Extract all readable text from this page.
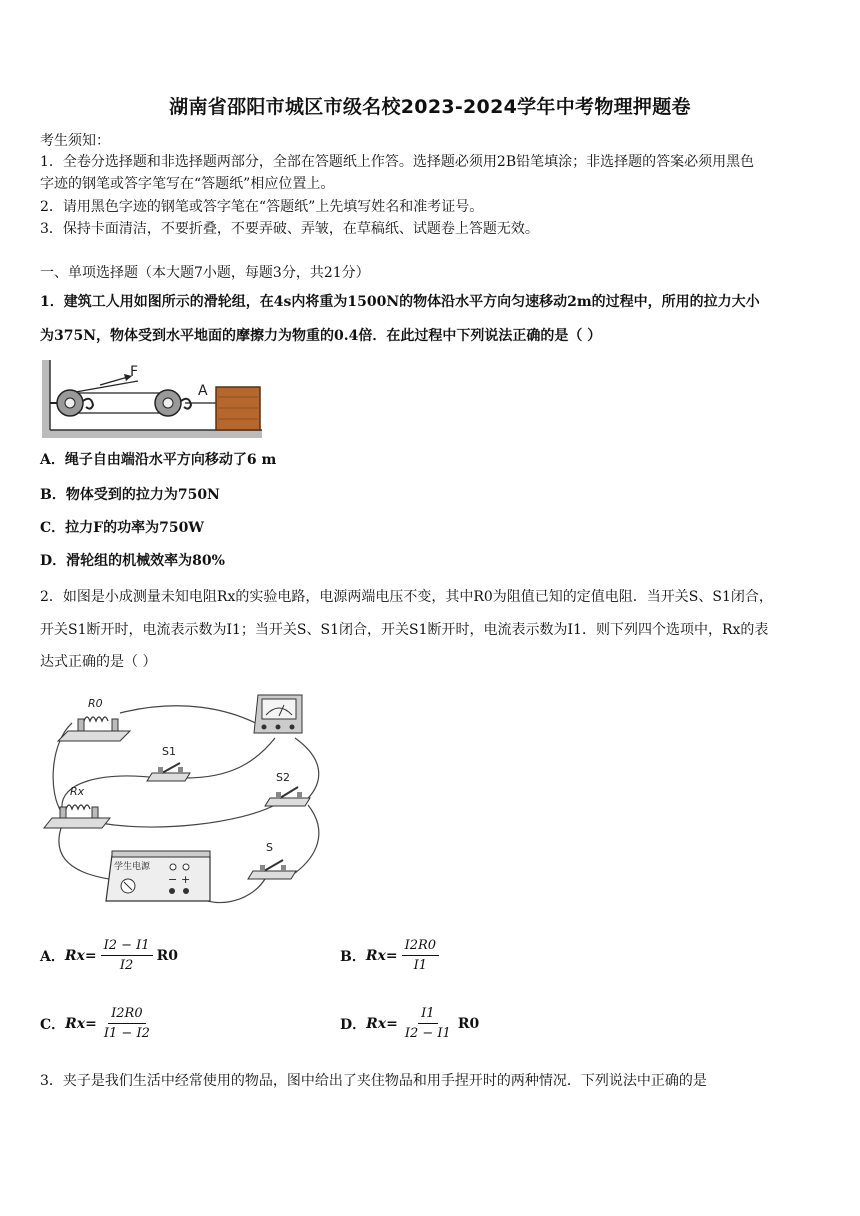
湖南省邵阳市城区市级名校2023-2024学年中考物理押题卷
考生须知：
1．全卷分选择题和非选择题两部分，全部在答题纸上作答。选择题必须用2B铅笔填涂；非选择题的答案必须用黑色
字迹的钢笔或答字笔写在“答题纸”相应位置上。
2．请用黑色字迹的钢笔或答字笔在“答题纸”上先填写姓名和准考证号。
3．保持卡面清洁，不要折叠，不要弄破、弄皱，在草稿纸、试题卷上答题无效。
一、单项选择题（本大题7小题，每题3分，共21分）
1．建筑工人用如图所示的滑轮组，在4s内将重为1500N的物体沿水平方向匀速移动2m的过程中，所用的拉力大小
为375N，物体受到水平地面的摩擦力为物重的0.4倍．在此过程中下列说法正确的是（ ）
F
A
A．绳子自由端沿水平方向移动了6 m
B．物体受到的拉力为750N
C．拉力F的功率为750W
D．滑轮组的机械效率为80%
2．如图是小成测量未知电阻Rx的实验电路，电源两端电压不变，其中R0为阻值已知的定值电阻．当开关S、S1闭合，
开关S1断开时，电流表示数为I1；当开关S、S1闭合，开关S1断开时，电流表示数为I1．则下列四个选项中，Rx的表
达式正确的是（ ）
R0
S1
S2
Rx
S
学生电源
− +
A． $Rx = \frac{I2 - I1}{I2} R0$	B． $Rx = \frac{I2R0}{I1}$
C． $Rx = \frac{I2R0}{I1 - I2}$	D． $Rx = \frac{I1}{I2 - I1} R0$
3．夹子是我们生活中经常使用的物品，图中给出了夹住物品和用手捏开时的两种情况．下列说法中正确的是
